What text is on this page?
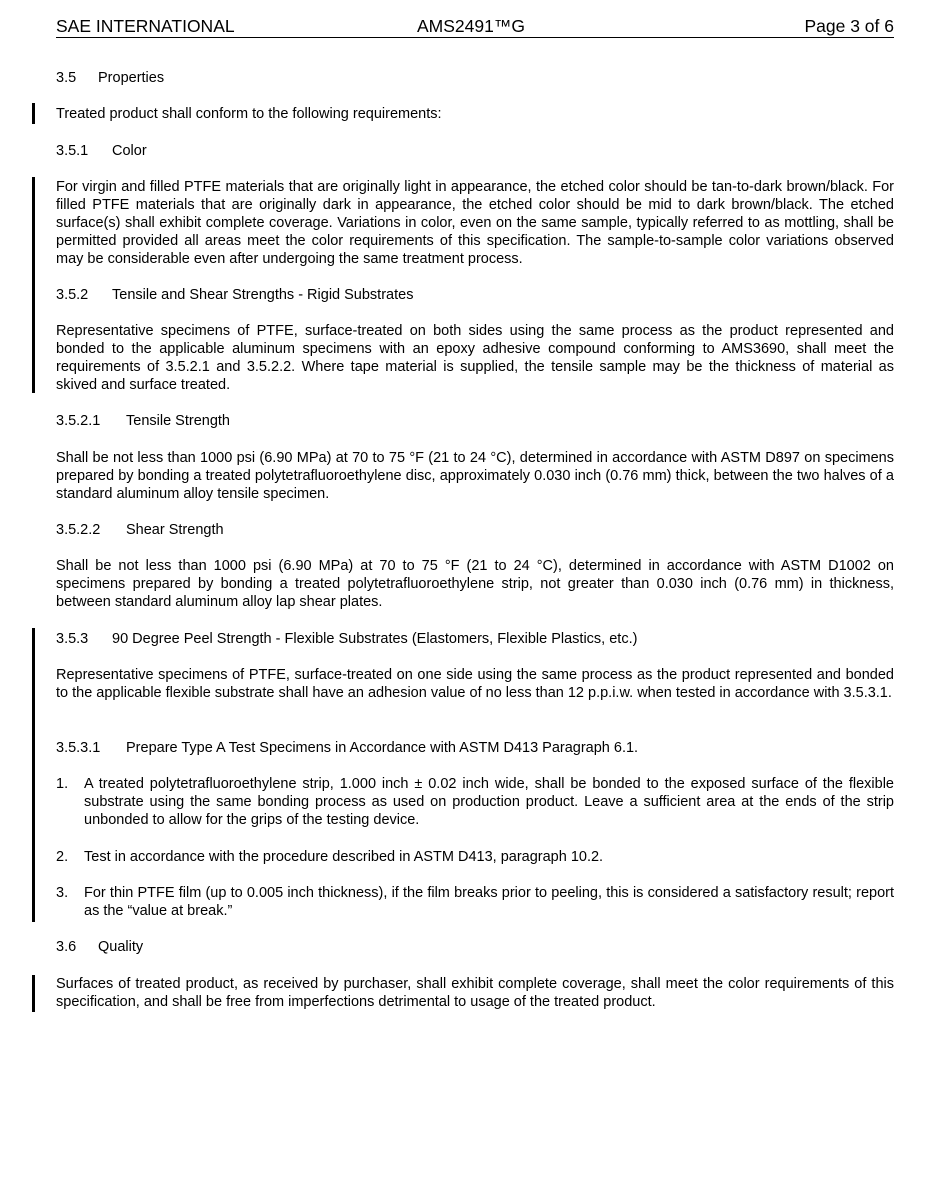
SAE INTERNATIONAL	AMS2491™G	Page 3 of 6
3.5 Properties

Treated product shall conform to the following requirements:

3.5.1 Color

For virgin and filled PTFE materials that are originally light in appearance, the etched color should be tan-to-dark brown/black. For filled PTFE materials that are originally dark in appearance, the etched color should be mid to dark brown/black. The etched surface(s) shall exhibit complete coverage. Variations in color, even on the same sample, typically referred to as mottling, shall be permitted provided all areas meet the color requirements of this specification. The sample-to-sample color variations observed may be considerable even after undergoing the same treatment process.

3.5.2 Tensile and Shear Strengths - Rigid Substrates

Representative specimens of PTFE, surface-treated on both sides using the same process as the product represented and bonded to the applicable aluminum specimens with an epoxy adhesive compound conforming to AMS3690, shall meet the requirements of 3.5.2.1 and 3.5.2.2. Where tape material is supplied, the tensile sample may be the thickness of material as skived and surface treated.

3.5.2.1 Tensile Strength

Shall be not less than 1000 psi (6.90 MPa) at 70 to 75 °F (21 to 24 °C), determined in accordance with ASTM D897 on specimens prepared by bonding a treated polytetrafluoroethylene disc, approximately 0.030 inch (0.76 mm) thick, between the two halves of a standard aluminum alloy tensile specimen.

3.5.2.2 Shear Strength

Shall be not less than 1000 psi (6.90 MPa) at 70 to 75 °F (21 to 24 °C), determined in accordance with ASTM D1002 on specimens prepared by bonding a treated polytetrafluoroethylene strip, not greater than 0.030 inch (0.76 mm) in thickness, between standard aluminum alloy lap shear plates.

3.5.3 90 Degree Peel Strength - Flexible Substrates (Elastomers, Flexible Plastics, etc.)

Representative specimens of PTFE, surface-treated on one side using the same process as the product represented and bonded to the applicable flexible substrate shall have an adhesion value of no less than 12 p.p.i.w. when tested in accordance with 3.5.3.1.

3.5.3.1 Prepare Type A Test Specimens in Accordance with ASTM D413 Paragraph 6.1.
1. A treated polytetrafluoroethylene strip, 1.000 inch ± 0.02 inch wide, shall be bonded to the exposed surface of the flexible substrate using the same bonding process as used on production product. Leave a sufficient area at the ends of the strip unbonded to allow for the grips of the testing device.
2. Test in accordance with the procedure described in ASTM D413, paragraph 10.2.
3. For thin PTFE film (up to 0.005 inch thickness), if the film breaks prior to peeling, this is considered a satisfactory result; report as the “value at break.”
3.6 Quality

Surfaces of treated product, as received by purchaser, shall exhibit complete coverage, shall meet the color requirements of this specification, and shall be free from imperfections detrimental to usage of the treated product.
